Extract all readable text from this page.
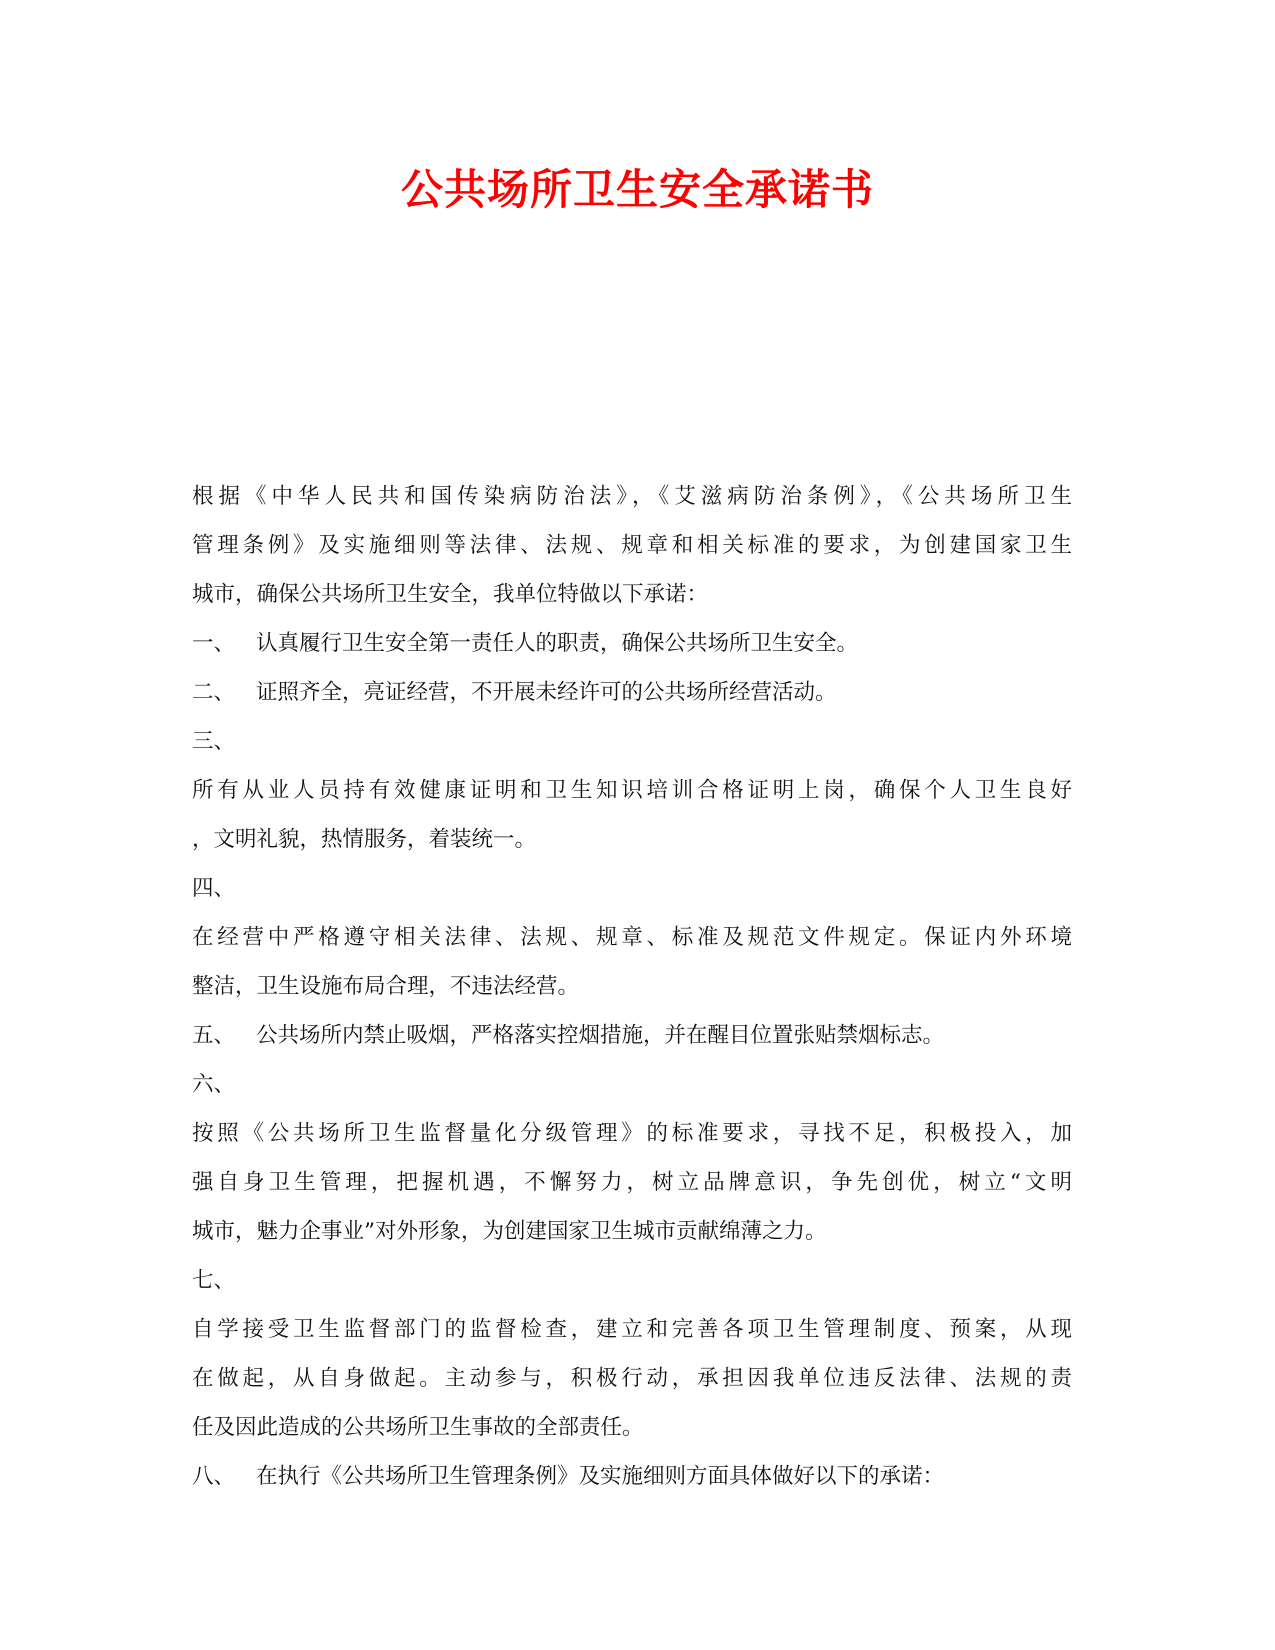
公共场所卫生安全承诺书
根据《中华人民共和国传染病防治法》，《艾滋病防治条例》，《公共场所卫生
管理条例》及实施细则等法律、法规、规章和相关标准的要求，为创建国家卫生
城市，确保公共场所卫生安全，我单位特做以下承诺：
一、 认真履行卫生安全第一责任人的职责，确保公共场所卫生安全。
二、 证照齐全，亮证经营，不开展未经许可的公共场所经营活动。
三、
所有从业人员持有效健康证明和卫生知识培训合格证明上岗，确保个人卫生良好
，文明礼貌，热情服务，着装统一。
四、
在经营中严格遵守相关法律、法规、规章、标准及规范文件规定。保证内外环境
整洁，卫生设施布局合理，不违法经营。
五、 公共场所内禁止吸烟，严格落实控烟措施，并在醒目位置张贴禁烟标志。
六、
按照《公共场所卫生监督量化分级管理》的标准要求，寻找不足，积极投入，加
强自身卫生管理，把握机遇，不懈努力，树立品牌意识，争先创优，树立“文明
城市，魅力企事业”对外形象，为创建国家卫生城市贡献绵薄之力。
七、
自学接受卫生监督部门的监督检查，建立和完善各项卫生管理制度、预案，从现
在做起，从自身做起。主动参与，积极行动，承担因我单位违反法律、法规的责
任及因此造成的公共场所卫生事故的全部责任。
八、 在执行《公共场所卫生管理条例》及实施细则方面具体做好以下的承诺：
